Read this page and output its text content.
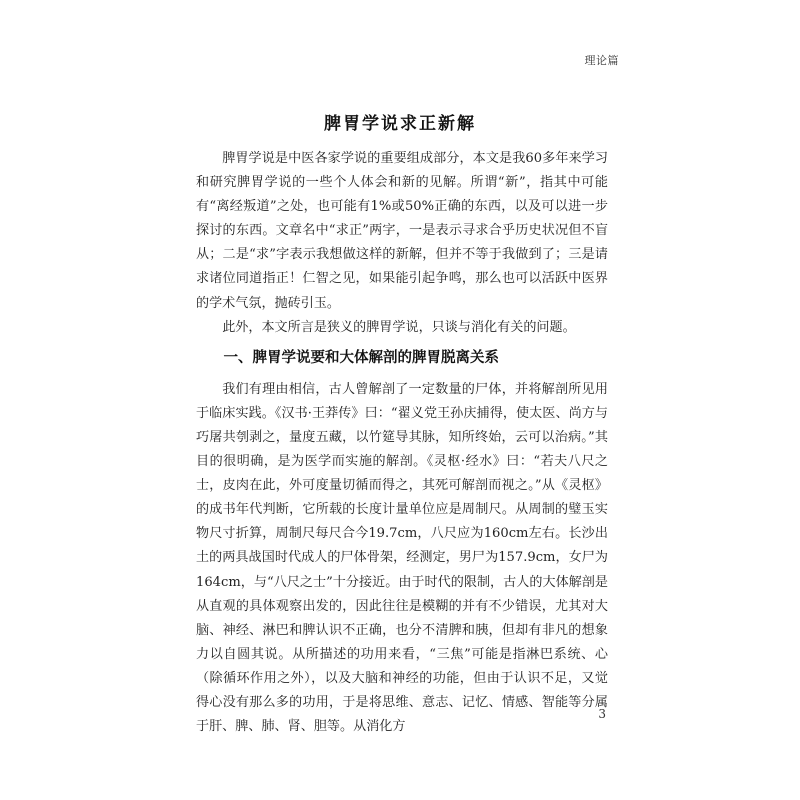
理论篇
脾胃学说求正新解

脾胃学说是中医各家学说的重要组成部分，本文是我60多年来学习和研究脾胃学说的一些个人体会和新的见解。所谓“新”，指其中可能有“离经叛道”之处，也可能有1%或50%正确的东西，以及可以进一步探讨的东西。文章名中“求正”两字，一是表示寻求合乎历史状况但不盲从；二是“求”字表示我想做这样的新解，但并不等于我做到了；三是请求诸位同道指正！仁智之见，如果能引起争鸣，那么也可以活跃中医界的学术气氛，抛砖引玉。

此外，本文所言是狭义的脾胃学说，只谈与消化有关的问题。

一、脾胃学说要和大体解剖的脾胃脱离关系

我们有理由相信，古人曾解剖了一定数量的尸体，并将解剖所见用于临床实践。《汉书·王莽传》曰：“翟义党王孙庆捕得，使太医、尚方与巧屠共刳剥之，量度五藏，以竹筵导其脉，知所终始，云可以治病。”其目的很明确，是为医学而实施的解剖。《灵枢·经水》曰：“若夫八尺之士，皮肉在此，外可度量切循而得之，其死可解剖而视之。”从《灵枢》的成书年代判断，它所载的长度计量单位应是周制尺。从周制的璧玉实物尺寸折算，周制尺每尺合今19.7cm，八尺应为160cm左右。长沙出土的两具战国时代成人的尸体骨架，经测定，男尸为157.9cm，女尸为164cm，与“八尺之士”十分接近。由于时代的限制，古人的大体解剖是从直观的具体观察出发的，因此往往是模糊的并有不少错误，尤其对大脑、神经、淋巴和脾认识不正确，也分不清脾和胰，但却有非凡的想象力以自圆其说。从所描述的功用来看，“三焦”可能是指淋巴系统、心（除循环作用之外），以及大脑和神经的功能，但由于认识不足，又觉得心没有那么多的功用，于是将思维、意志、记忆、情感、智能等分属于肝、脾、肺、肾、胆等。从消化方

3
